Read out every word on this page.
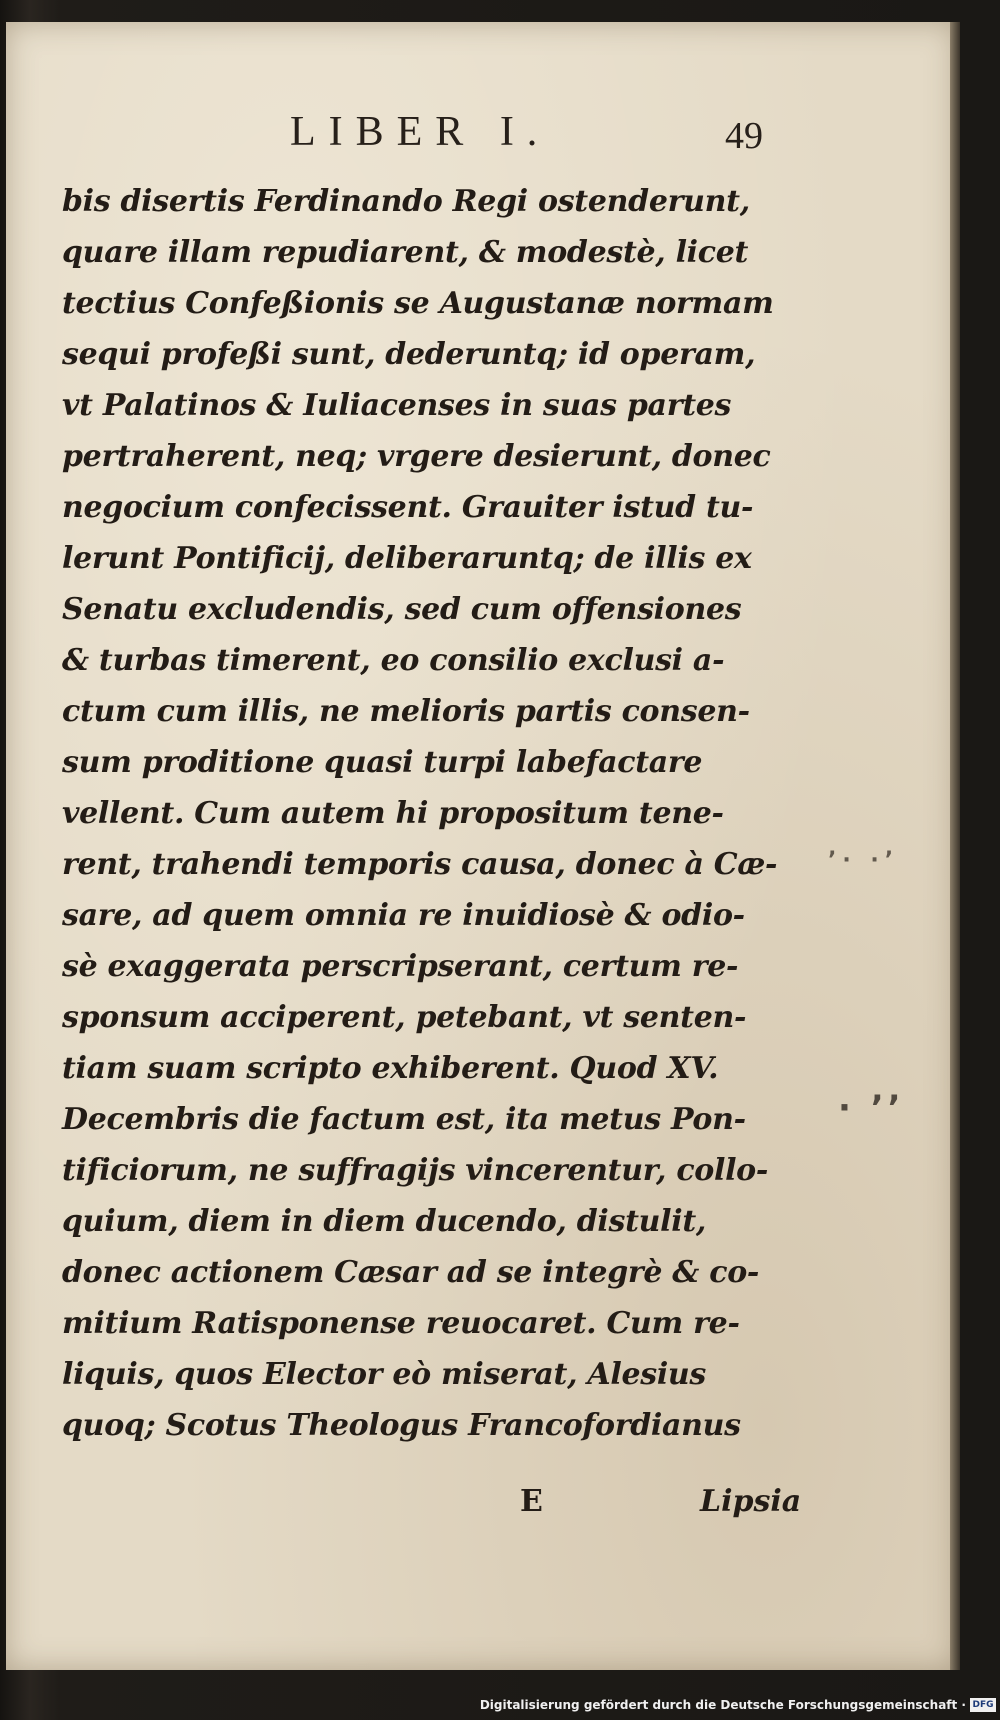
LIBER I.	49
bis disertis Ferdinando Regi ostenderunt,
quare illam repudiarent, & modestè, licet
tectius Confeßionis se Augustanæ normam
sequi profeßi sunt, dederuntq; id operam,
vt Palatinos & Iuliacenses in suas partes
pertraherent, neq; vrgere desierunt, donec
negocium confecissent. Grauiter istud tu-
lerunt Pontificij, deliberaruntq; de illis ex
Senatu excludendis, sed cum offensiones
& turbas timerent, eo consilio exclusi a-
ctum cum illis, ne melioris partis consen-
sum proditione quasi turpi labefactare
vellent. Cum autem hi propositum tene-
rent, trahendi temporis causa, donec à Cæ-
sare, ad quem omnia re inuidiosè & odio-
sè exaggerata perscripserant, certum re-
sponsum acciperent, petebant, vt senten-
tiam suam scripto exhiberent. Quod XV.
Decembris die factum est, ita metus Pon-
tificiorum, ne suffragijs vincerentur, collo-
quium, diem in diem ducendo, distulit,
donec actionem Cæsar ad se integrè & co-
mitium Ratisponense reuocaret. Cum re-
liquis, quos Elector eò miserat, Alesius
quoq; Scotus Theologus Francofordianus
E	Lipsia
ʼ· ·ʼ
· ʼʼ
Digitalisierung gefördert durch die Deutsche Forschungsgemeinschaft · DFG
